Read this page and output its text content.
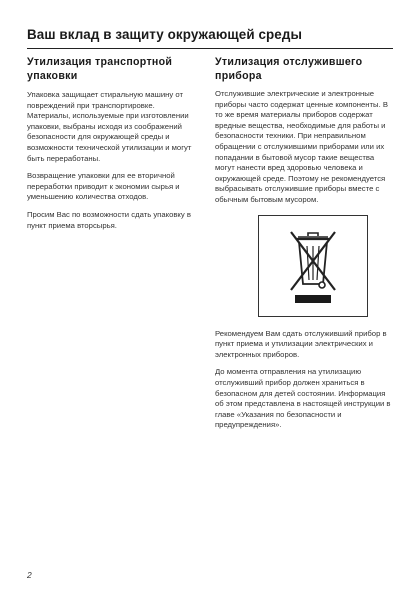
Ваш вклад в защиту окружающей среды
Утилизация транспортной упаковки

Упаковка защищает стиральную машину от повреждений при транспортировке. Материалы, используемые при изготовлении упаковки, выбраны исходя из соображений безопасности для окружающей среды и возможности технической утилизации и могут быть переработаны.

Возвращение упаковки для ее вторичной переработки приводит к экономии сырья и уменьшению количества отходов.

Просим Вас по возможности сдать упаковку в пункт приема вторсырья.

Утилизация отслужившего прибора

Отслужившие электрические и электронные приборы часто содержат ценные компоненты. В то же время материалы приборов содержат вредные вещества, необходимые для работы и безопасности техники. При неправильном обращении с отслужившими приборами или их попадании в бытовой мусор такие вещества могут нанести вред здоровью человека и окружающей среде. Поэтому не рекомендуется выбрасывать отслужившие приборы вместе с обычным бытовым мусором.

Рекомендуем Вам сдать отслуживший прибор в пункт приема и утилизации электрических и электронных приборов.

До момента отправления на утилизацию отслуживший прибор должен храниться в безопасном для детей состоянии. Информация об этом представлена в настоящей инструкции в главе «Указания по безопасности и предупреждения».

2
